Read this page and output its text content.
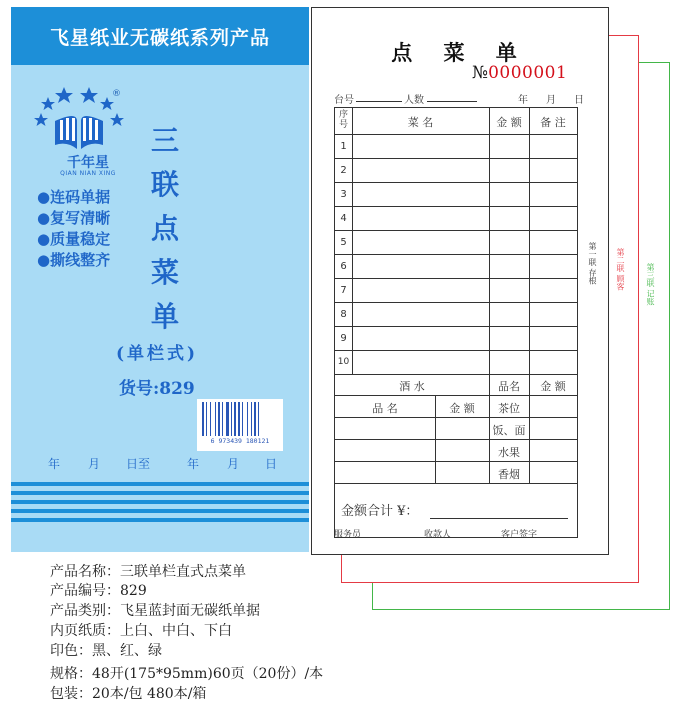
飞星纸业无碳纸系列产品
®
千年星
QIAN NIAN XING
●连码单据
●复写清晰
●质量稳定
●撕线整齐
三
联
点
菜
单
(单栏式)
货号:829
6 973439 180121
年 月 日至	年 月 日
产品名称：三联单栏直式点菜单
产品编号：829
产品类别：飞星蓝封面无碳纸单据
内页纸质：上白、中白、下白
印色：黑、红、绿
规格：48开(175*95mm)60页（20份）/本
包装：20本/包 480本/箱
第三联 记账
第二联 顾客
点 菜 单
№0000001
台号	人数	年 月 日
序号	菜 名	金 额	备 注
1
2
3
4
5
6
7
8
9
10
酒 水	品名	金 额
品 名	金 额	茶位
饭、面
水果
香烟
金额合计 ¥：
第一联 存根
服务员	收款人	客户签字
